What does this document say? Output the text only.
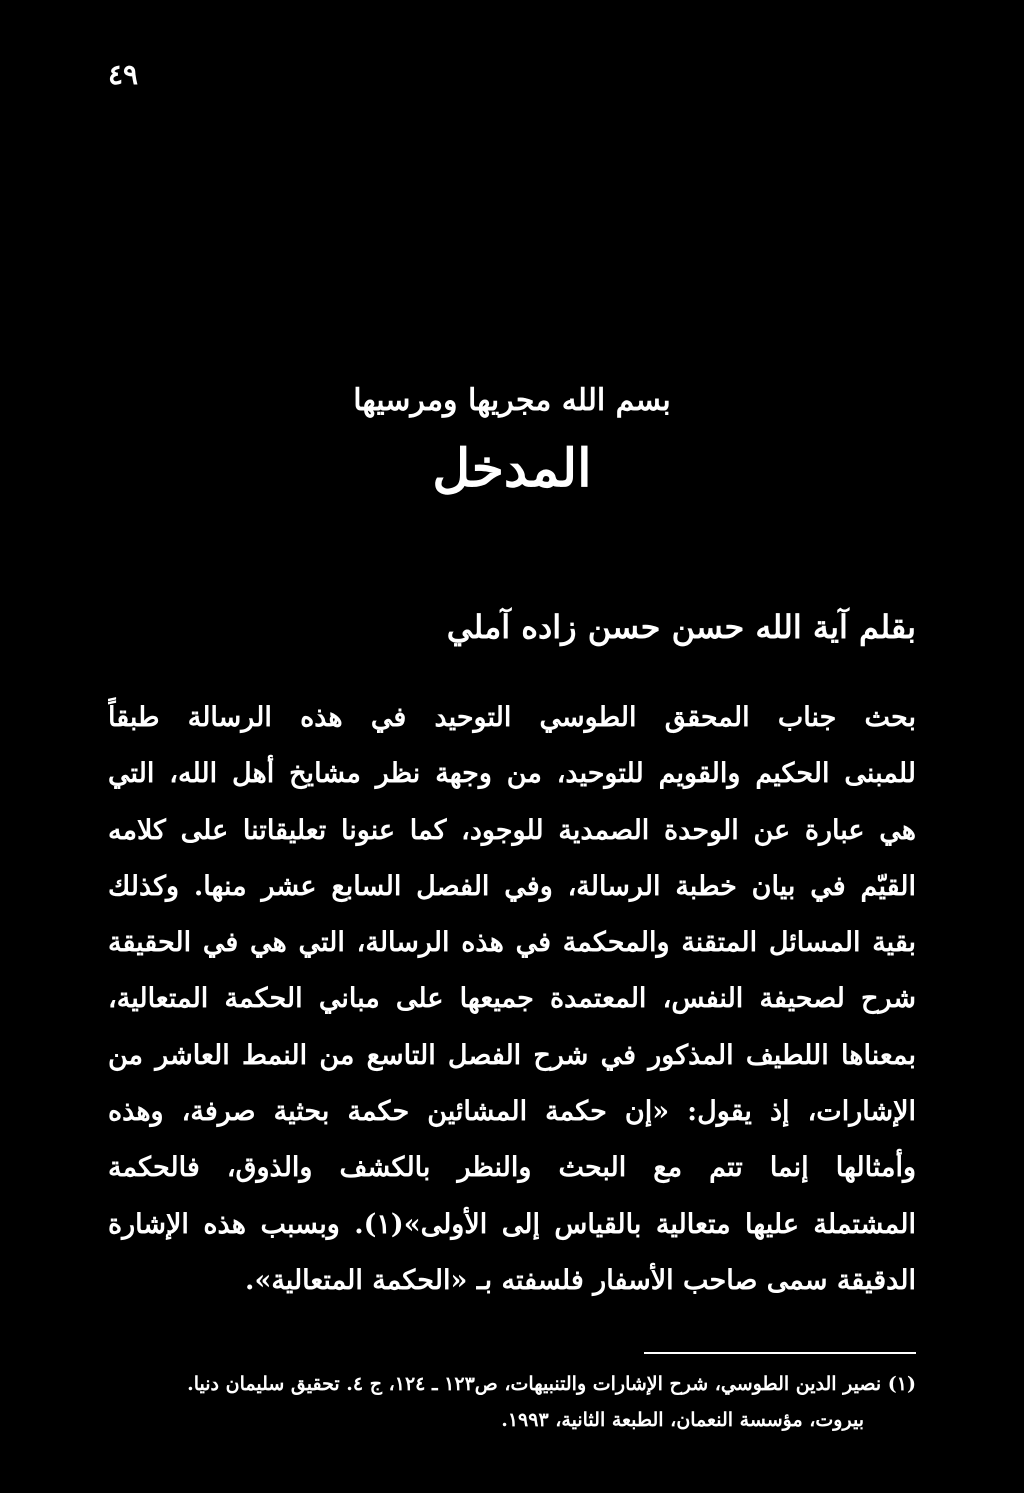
٤٩
بسم الله مجريها ومرسيها
المدخل
بقلم آية الله حسن حسن زاده آملي
بحث جناب المحقق الطوسي التوحيد في هذه الرسالة طبقاً
للمبنى الحكيم والقويم للتوحيد، من وجهة نظر مشايخ أهل الله، التي
هي عبارة عن الوحدة الصمدية للوجود، كما عنونا تعليقاتنا على كلامه
القيّم في بيان خطبة الرسالة، وفي الفصل السابع عشر منها. وكذلك
بقية المسائل المتقنة والمحكمة في هذه الرسالة، التي هي في الحقيقة
شرح لصحيفة النفس، المعتمدة جميعها على مباني الحكمة المتعالية،
بمعناها اللطيف المذكور في شرح الفصل التاسع من النمط العاشر من
الإشارات، إذ يقول: «إن حكمة المشائين حكمة بحثية صرفة، وهذه
وأمثالها إنما تتم مع البحث والنظر بالكشف والذوق، فالحكمة
المشتملة عليها متعالية بالقياس إلى الأولى»(١). وبسبب هذه الإشارة
الدقيقة سمى صاحب الأسفار فلسفته بـ «الحكمة المتعالية».
(١) نصير الدين الطوسي، شرح الإشارات والتنبيهات، ص١٢٣ ـ ١٢٤، ج ٤. تحقيق سليمان دنيا.
بيروت، مؤسسة النعمان، الطبعة الثانية، ١٩٩٣.
